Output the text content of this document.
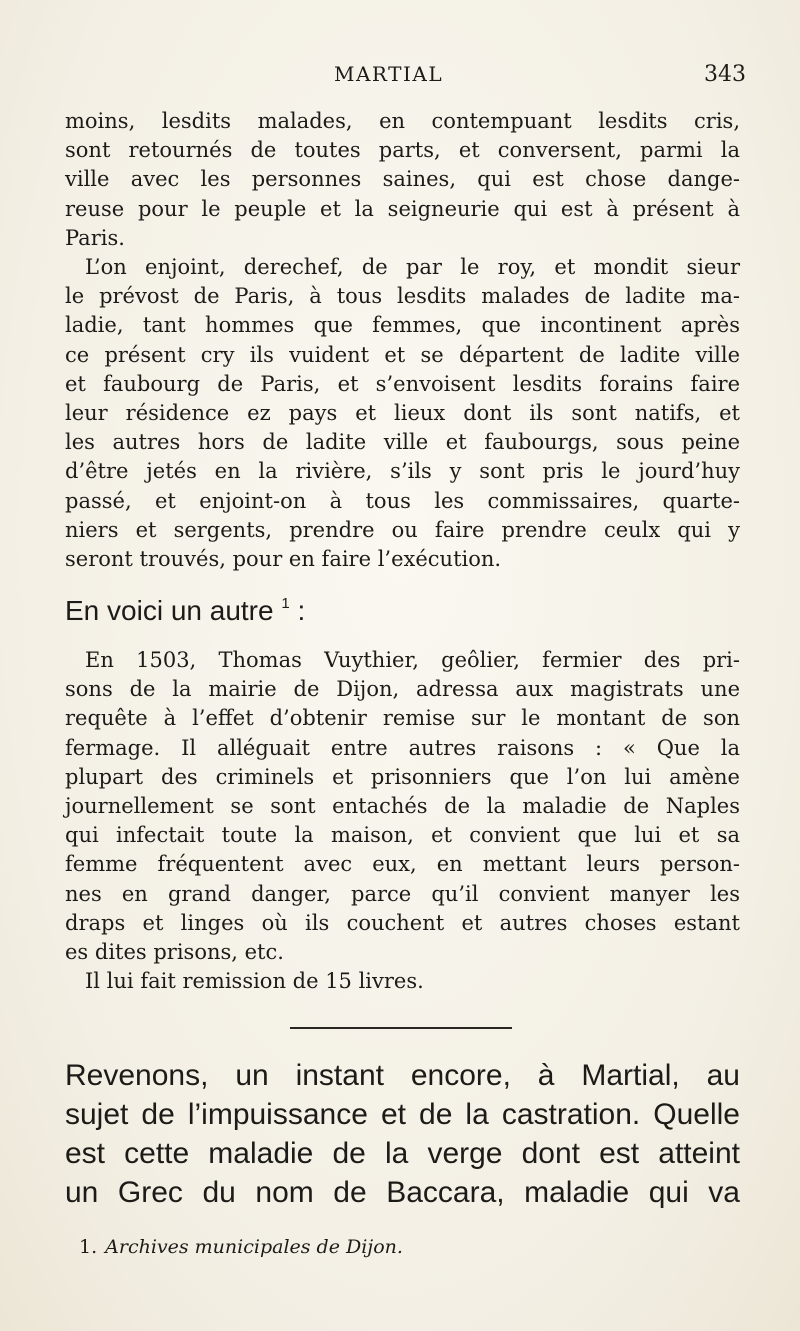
MARTIAL	343
moins, lesdits malades, en contempuant lesdits cris,
sont retournés de toutes parts, et conversent, parmi la
ville avec les personnes saines, qui est chose dange-
reuse pour le peuple et la seigneurie qui est à présent à
Paris.
L’on enjoint, derechef, de par le roy, et mondit sieur
le prévost de Paris, à tous lesdits malades de ladite ma-
ladie, tant hommes que femmes, que incontinent après
ce présent cry ils vuident et se départent de ladite ville
et faubourg de Paris, et s’envoisent lesdits forains faire
leur résidence ez pays et lieux dont ils sont natifs, et
les autres hors de ladite ville et faubourgs, sous peine
d’être jetés en la rivière, s’ils y sont pris le jourd’huy
passé, et enjoint-on à tous les commissaires, quarte-
niers et sergents, prendre ou faire prendre ceulx qui y
seront trouvés, pour en faire l’exécution.

En voici un autre $^1$ :

En 1503, Thomas Vuythier, geôlier, fermier des pri-
sons de la mairie de Dijon, adressa aux magistrats une
requête à l’effet d’obtenir remise sur le montant de son
fermage. Il alléguait entre autres raisons : « Que la
plupart des criminels et prisonniers que l’on lui amène
journellement se sont entachés de la maladie de Naples
qui infectait toute la maison, et convient que lui et sa
femme fréquentent avec eux, en mettant leurs person-
nes en grand danger, parce qu’il convient manyer les
draps et linges où ils couchent et autres choses estant
es dites prisons, etc.
Il lui fait remission de 15 livres.
Revenons, un instant encore, à Martial, au
sujet de l’impuissance et de la castration. Quelle
est cette maladie de la verge dont est atteint
un Grec du nom de Baccara, maladie qui va

1. Archives municipales de Dijon.
